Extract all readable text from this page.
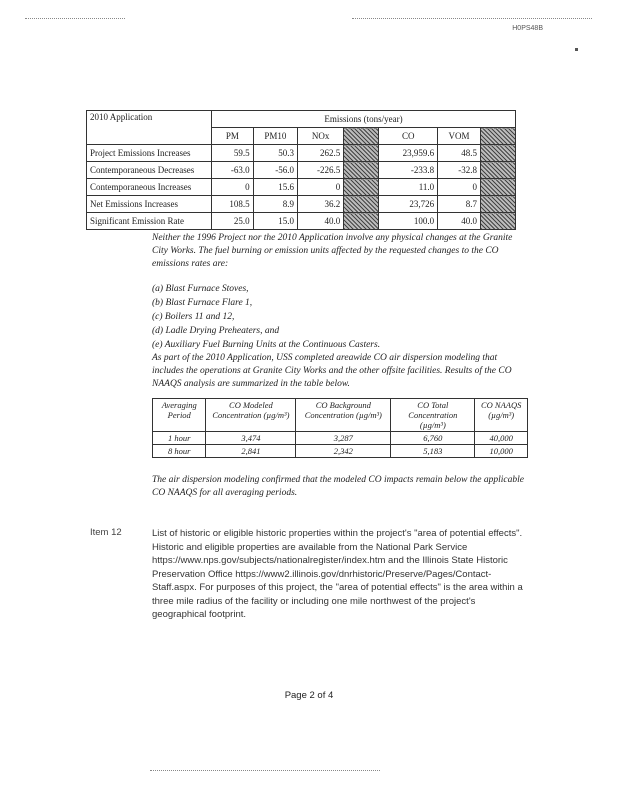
H0PS48B
2010 Application	Emissions (tons/year)						
	PM	PM10	NOx		CO	VOM	
Project Emissions Increases	59.5	50.3	262.5		23,959.6	48.5	
Contemporaneous Decreases	-63.0	-56.0	-226.5		-233.8	-32.8	
Contemporaneous Increases	0	15.6	0		11.0	0	
Net Emissions Increases	108.5	8.9	36.2		23,726	8.7	
Significant Emission Rate	25.0	15.0	40.0		100.0	40.0	
Neither the 1996 Project nor the 2010 Application involve any physical changes at the Granite City Works. The fuel burning or emission units affected by the requested changes to the CO emissions rates are:
(a) Blast Furnace Stoves,
(b) Blast Furnace Flare 1,
(c) Boilers 11 and 12,
(d) Ladle Drying Preheaters, and
(e) Auxiliary Fuel Burning Units at the Continuous Casters.
As part of the 2010 Application, USS completed areawide CO air dispersion modeling that includes the operations at Granite City Works and the other offsite facilities. Results of the CO NAAQS analysis are summarized in the table below.
Averaging Period	CO Modeled Concentration (µg/m³)	CO Background Concentration (µg/m³)	CO Total Concentration (µg/m³)	CO NAAQS (µg/m³)
1 hour	3,474	3,287	6,760	40,000
8 hour	2,841	2,342	5,183	10,000
The air dispersion modeling confirmed that the modeled CO impacts remain below the applicable CO NAAQS for all averaging periods.
Item 12	List of historic or eligible historic properties within the project's "area of potential effects". Historic and eligible properties are available from the National Park Service https://www.nps.gov/subjects/nationalregister/index.htm and the Illinois State Historic Preservation Office https://www2.illinois.gov/dnrhistoric/Preserve/Pages/Contact-Staff.aspx. For purposes of this project, the "area of potential effects" is the area within a three mile radius of the facility or including one mile northwest of the project's geographical footprint.
Page 2 of 4
